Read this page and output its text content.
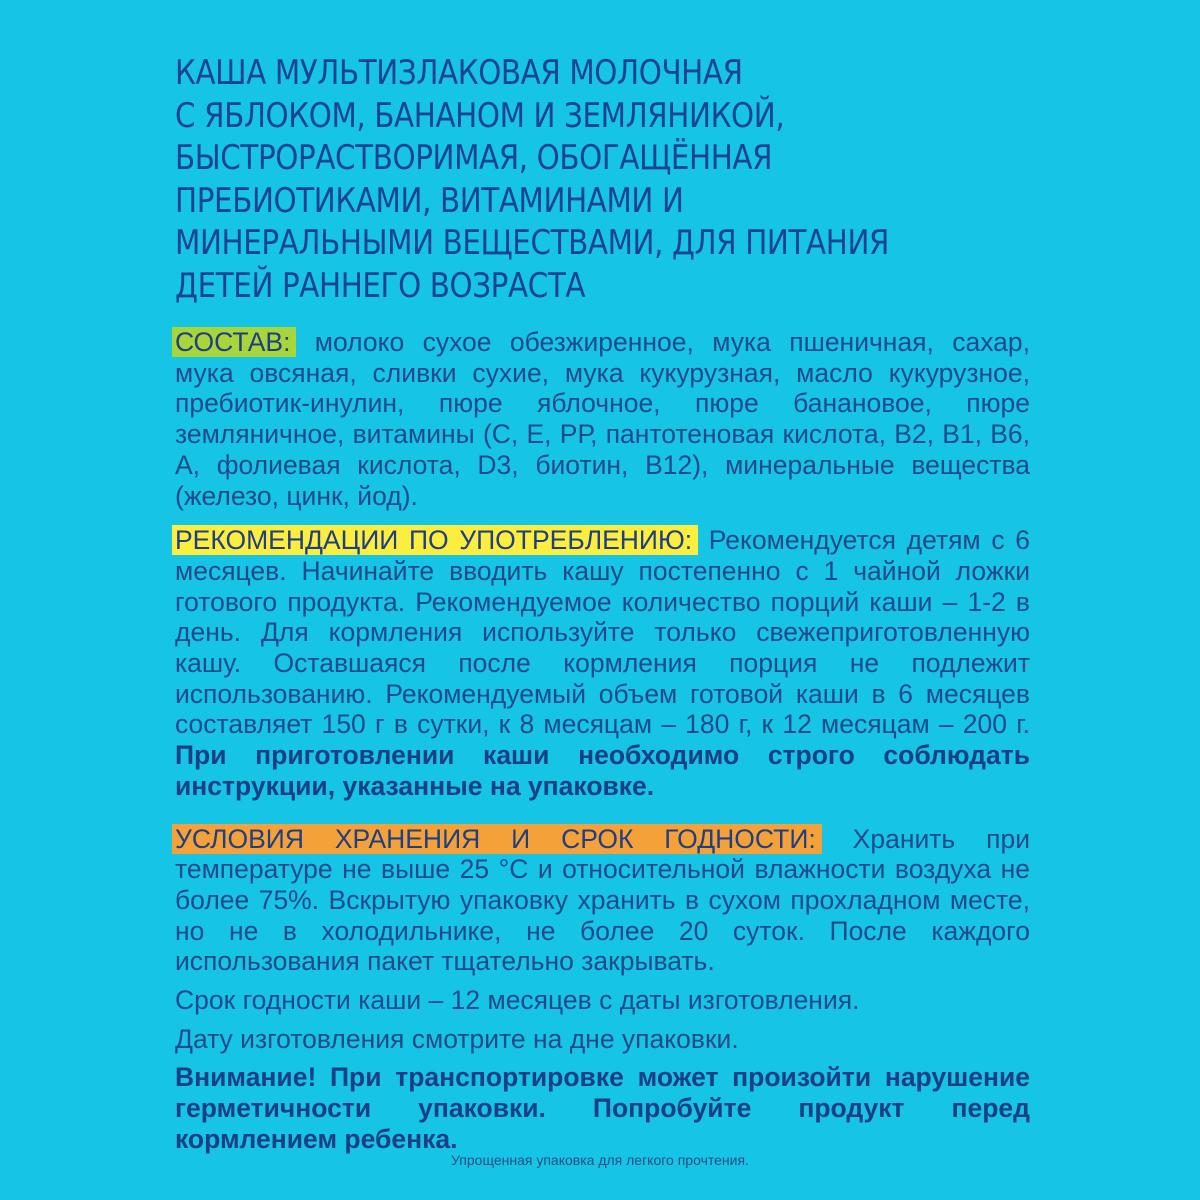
КАША МУЛЬТИЗЛАКОВАЯ МОЛОЧНАЯ
С ЯБЛОКОМ, БАНАНОМ И ЗЕМЛЯНИКОЙ,
БЫСТРОРАСТВОРИМАЯ, ОБОГАЩЁННАЯ
ПРЕБИОТИКАМИ, ВИТАМИНАМИ И
МИНЕРАЛЬНЫМИ ВЕЩЕСТВАМИ, ДЛЯ ПИТАНИЯ
ДЕТЕЙ РАННЕГО ВОЗРАСТА

СОСТАВ: молоко сухое обезжиренное, мука пшеничная, сахар, мука овсяная, сливки сухие, мука кукурузная, масло кукурузное, пребиотик-инулин, пюре яблочное, пюре банановое, пюре земляничное, витамины (С, Е, РР, пантотеновая кислота, В2, В1, В6, А, фолиевая кислота, D3, биотин, В12), минеральные вещества (железо, цинк, йод).

РЕКОМЕНДАЦИИ ПО УПОТРЕБЛЕНИЮ: Рекомендуется детям с 6 месяцев. Начинайте вводить кашу постепенно с 1 чайной ложки готового продукта. Рекомендуемое количество порций каши – 1-2 в день. Для кормления используйте только свежеприготовленную кашу. Оставшаяся после кормления порция не подлежит использованию. Рекомендуемый объем готовой каши в 6 месяцев составляет 150 г в сутки, к 8 месяцам – 180 г, к 12 месяцам – 200 г. При приготовлении каши необходимо строго соблюдать инструкции, указанные на упаковке.

УСЛОВИЯ ХРАНЕНИЯ И СРОК ГОДНОСТИ: Хранить при температуре не выше 25 °С и относительной влажности воздуха не более 75%. Вскрытую упаковку хранить в сухом прохладном месте, но не в холодильнике, не более 20 суток. После каждого использования пакет тщательно закрывать.

Срок годности каши – 12 месяцев с даты изготовления.

Дату изготовления смотрите на дне упаковки.

Внимание! При транспортировке может произойти нарушение герметичности упаковки. Попробуйте продукт перед кормлением ребенка.

Упрощенная упаковка для легкого прочтения.
